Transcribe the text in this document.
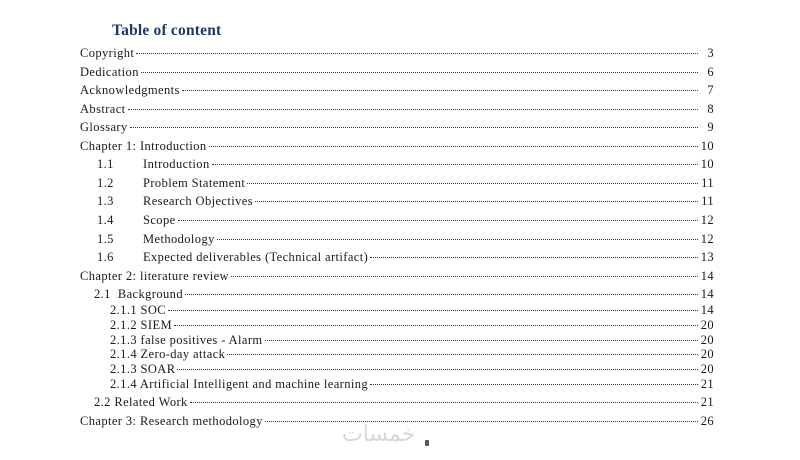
Table of content
Copyright	3
Dedication	6
Acknowledgments	7
Abstract	8
Glossary	9
Chapter 1: Introduction	10
1.1	Introduction	10
1.2	Problem Statement	11
1.3	Research Objectives	11
1.4	Scope	12
1.5	Methodology	12
1.6	Expected deliverables (Technical artifact)	13
Chapter 2: literature review	14
2.1  Background	14
2.1.1 SOC	14
2.1.2 SIEM	20
2.1.3 false positives - Alarm	20
2.1.4 Zero-day attack	20
2.1.3 SOAR	20
2.1.4 Artificial Intelligent and machine learning	21
2.2 Related Work	21
Chapter 3: Research methodology	26
خمسات
